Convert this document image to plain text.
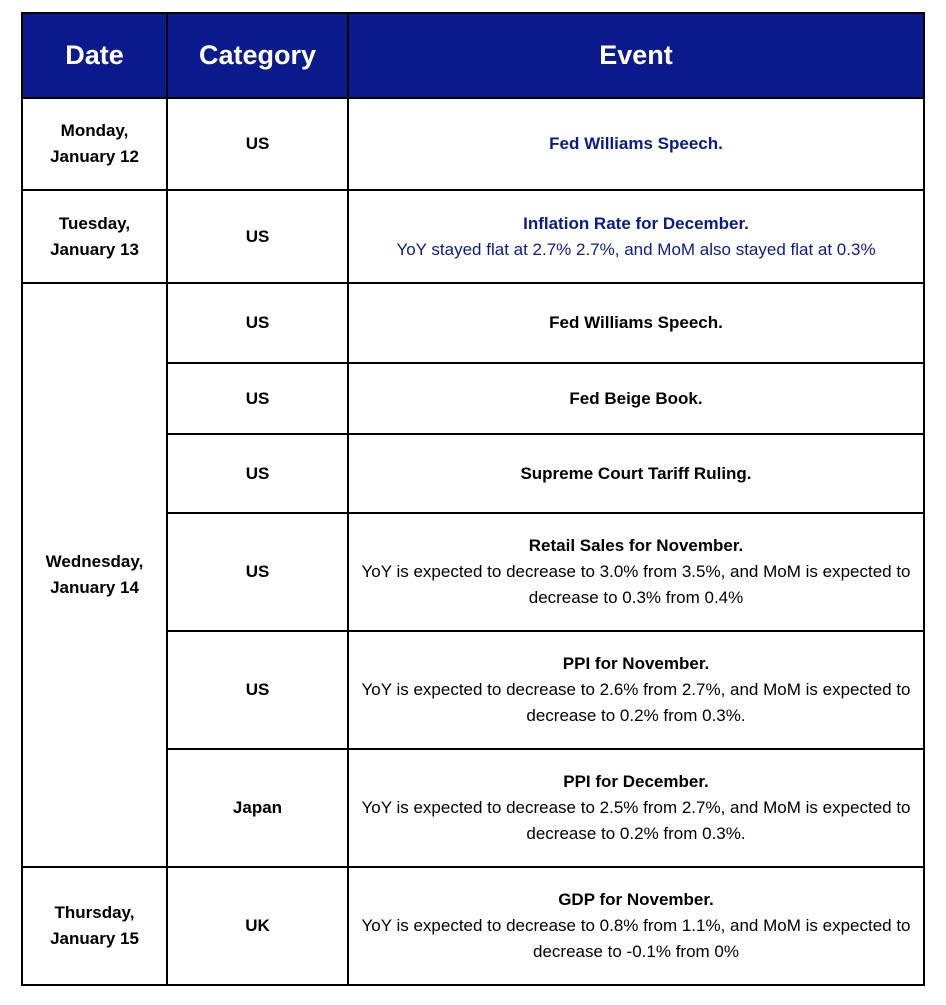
Date	Category	Event

Monday,
January 12	US	Fed Williams Speech.

Tuesday,
January 13	US	Inflation Rate for December.
YoY stayed flat at 2.7% 2.7%, and MoM also stayed flat at 0.3%

Wednesday,
January 14	US	Fed Williams Speech.

	US	Fed Beige Book.

	US	Supreme Court Tariff Ruling.

	US	Retail Sales for November.
YoY is expected to decrease to 3.0% from 3.5%, and MoM is expected to decrease to 0.3% from 0.4%

	US	PPI for November.
YoY is expected to decrease to 2.6% from 2.7%, and MoM is expected to decrease to 0.2% from 0.3%.

	Japan	PPI for December.
YoY is expected to decrease to 2.5% from 2.7%, and MoM is expected to decrease to 0.2% from 0.3%.

Thursday,
January 15	UK	GDP for November.
YoY is expected to decrease to 0.8% from 1.1%, and MoM is expected to decrease to -0.1% from 0%
